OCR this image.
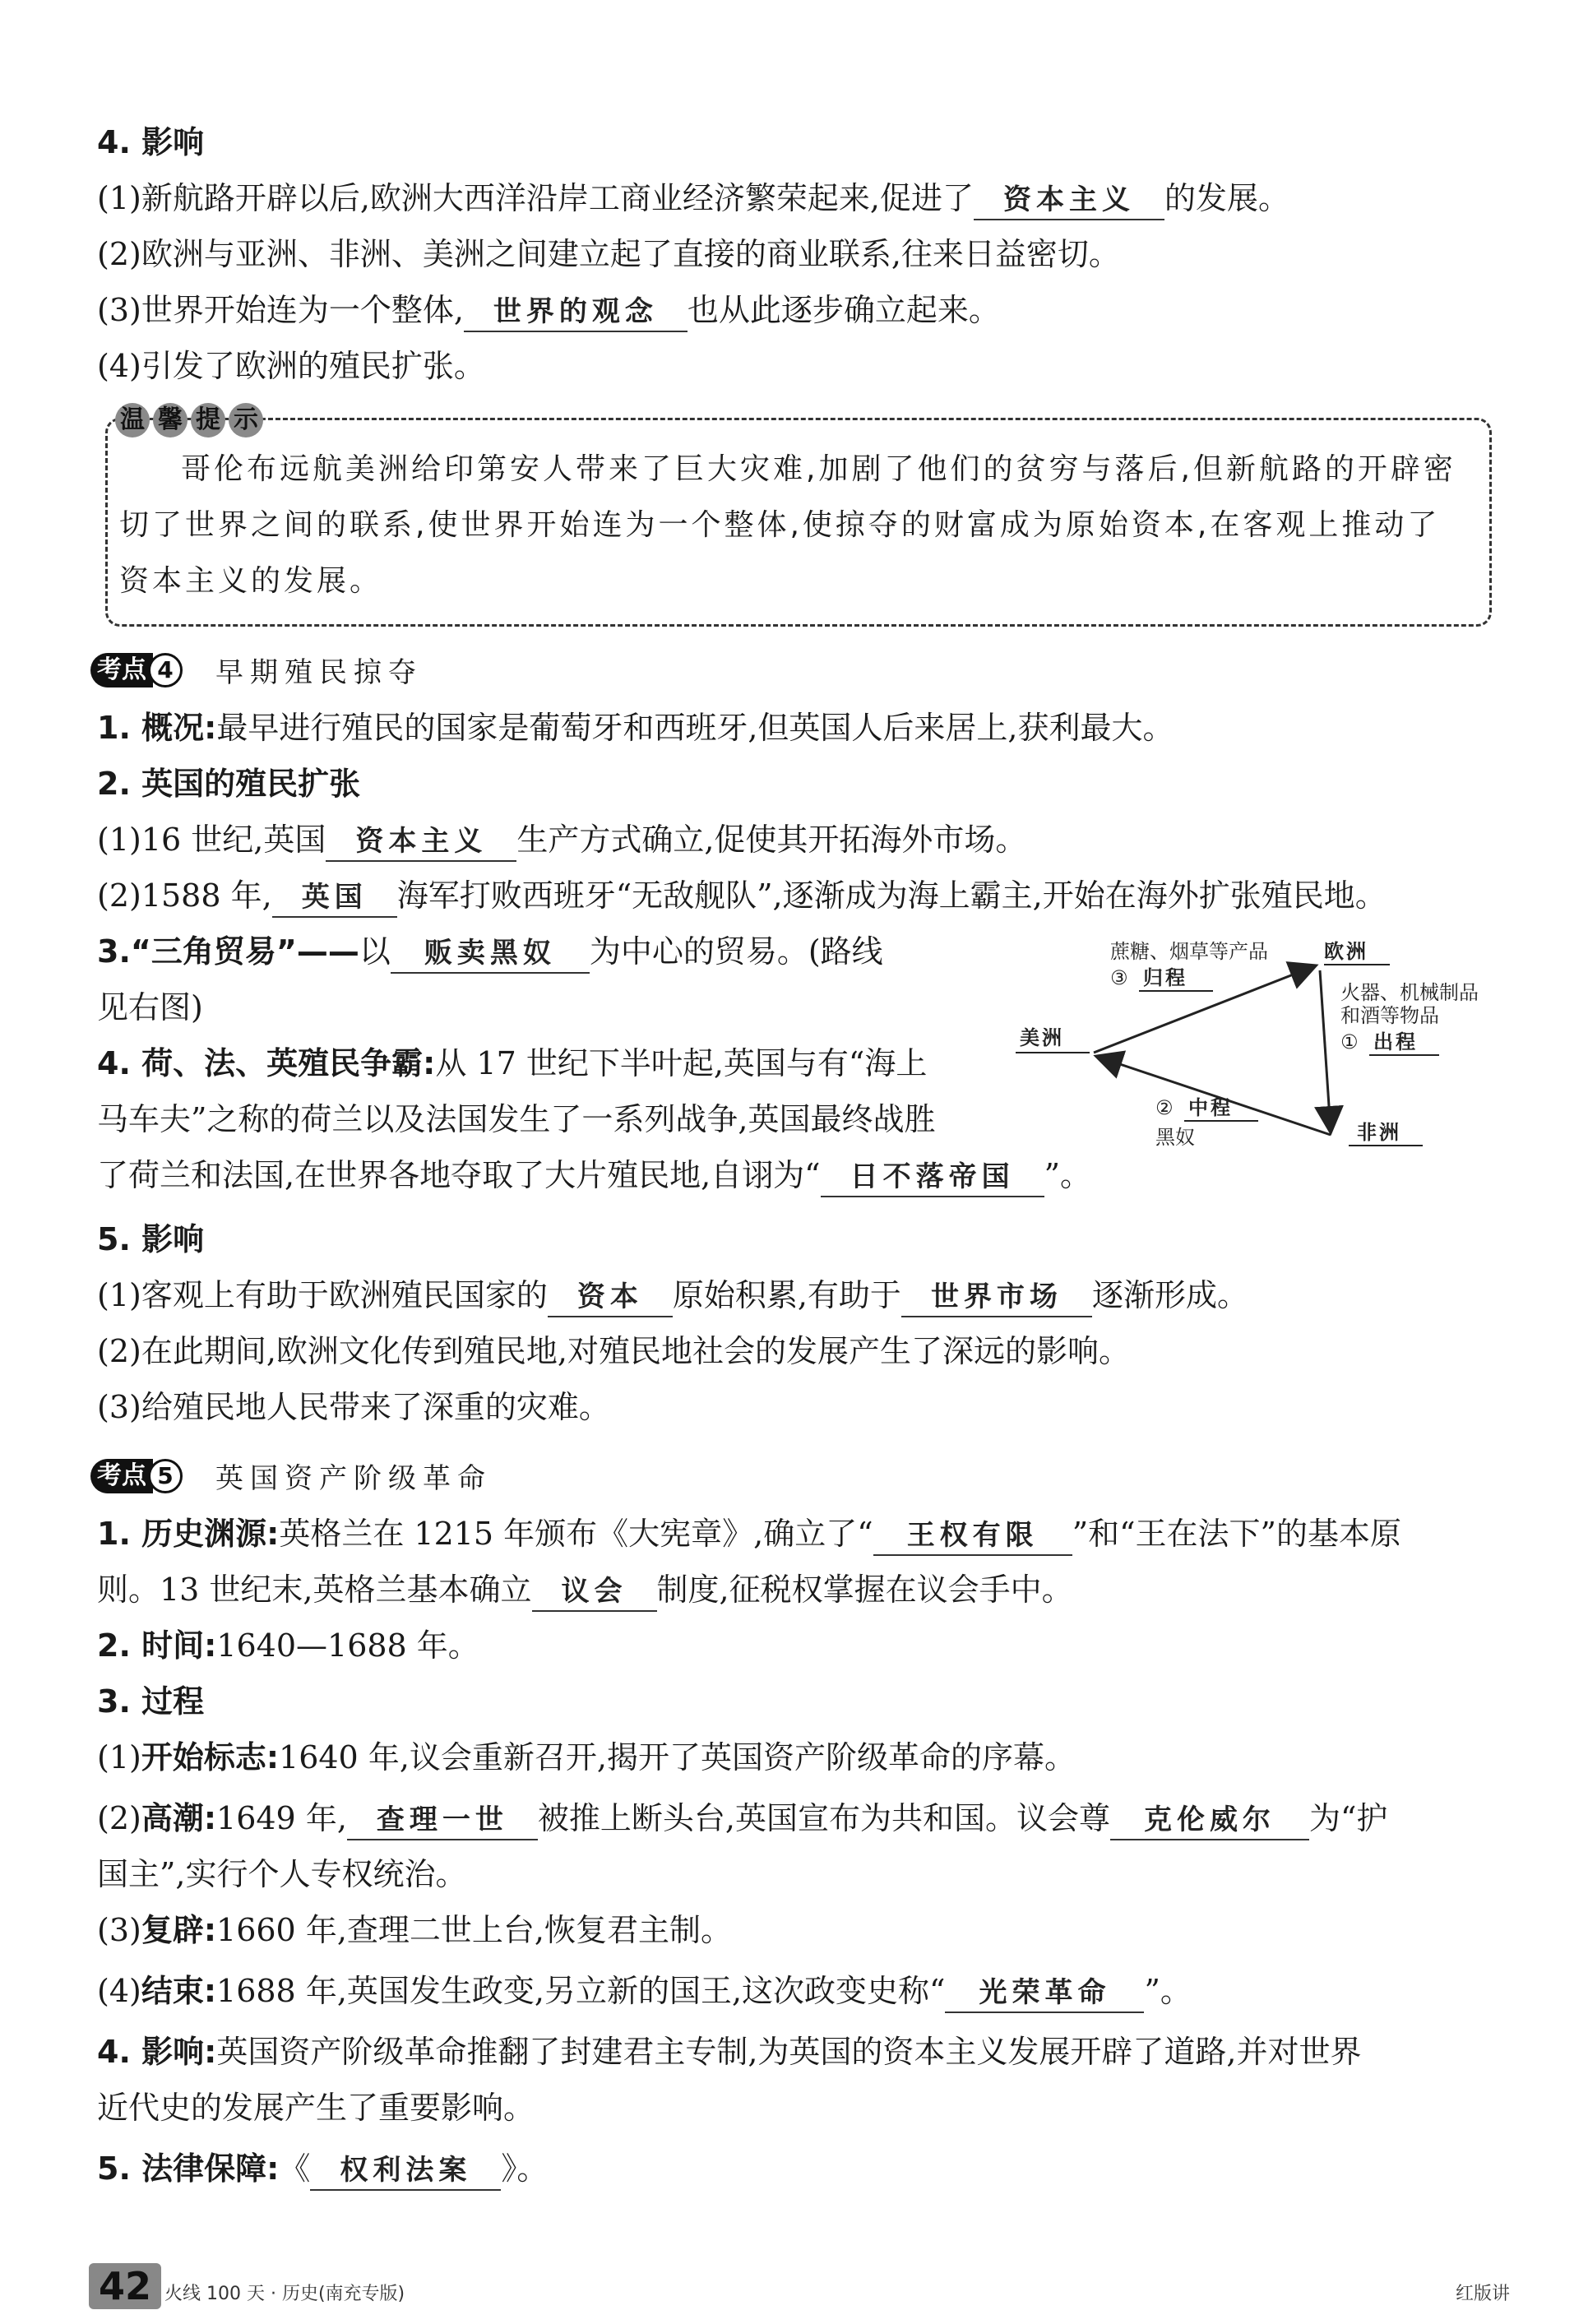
4. 影响
(1)新航路开辟以后,欧洲大西洋沿岸工商业经济繁荣起来,促进了 资本主义 的发展。
(2)欧洲与亚洲、非洲、美洲之间建立起了直接的商业联系,往来日益密切。
(3)世界开始连为一个整体, 世界的观念 也从此逐步确立起来。
(4)引发了欧洲的殖民扩张。
温 馨 提 示
哥伦布远航美洲给印第安人带来了巨大灾难,加剧了他们的贫穷与落后,但新航路的开辟密
切了世界之间的联系,使世界开始连为一个整体,使掠夺的财富成为原始资本,在客观上推动了
资本主义的发展。
考点 4	早期殖民掠夺
1. 概况:最早进行殖民的国家是葡萄牙和西班牙,但英国人后来居上,获利最大。
2. 英国的殖民扩张
(1)16 世纪,英国 资本主义 生产方式确立,促使其开拓海外市场。
(2)1588 年, 英国 海军打败西班牙“无敌舰队”,逐渐成为海上霸主,开始在海外扩张殖民地。
3.“三角贸易”——以 贩卖黑奴 为中心的贸易。(路线
见右图)
4. 荷、法、英殖民争霸:从 17 世纪下半叶起,英国与有“海上
马车夫”之称的荷兰以及法国发生了一系列战争,英国最终战胜
了荷兰和法国,在世界各地夺取了大片殖民地,自诩为“ 日不落帝国 ”。
5. 影响
(1)客观上有助于欧洲殖民国家的 资本 原始积累,有助于 世界市场 逐渐形成。
(2)在此期间,欧洲文化传到殖民地,对殖民地社会的发展产生了深远的影响。
(3)给殖民地人民带来了深重的灾难。
欧洲
美洲
非洲
蔗糖、烟草等产品
③ 归程
火器、机械制品
和酒等物品
① 出程
② 中程
黑奴
考点 5	英国资产阶级革命
1. 历史渊源:英格兰在 1215 年颁布《大宪章》,确立了“ 王权有限 ”和“王在法下”的基本原
则。13 世纪末,英格兰基本确立 议会 制度,征税权掌握在议会手中。
2. 时间:1640—1688 年。
3. 过程
(1)开始标志:1640 年,议会重新召开,揭开了英国资产阶级革命的序幕。
(2)高潮:1649 年, 查理一世 被推上断头台,英国宣布为共和国。议会尊 克伦威尔 为“护
国主”,实行个人专权统治。
(3)复辟:1660 年,查理二世上台,恢复君主制。
(4)结束:1688 年,英国发生政变,另立新的国王,这次政变史称“ 光荣革命 ”。
4. 影响:英国资产阶级革命推翻了封建君主专制,为英国的资本主义发展开辟了道路,并对世界
近代史的发展产生了重要影响。
5. 法律保障:《 权利法案 》。
42 火线 100 天 · 历史(南充专版)	红版讲
